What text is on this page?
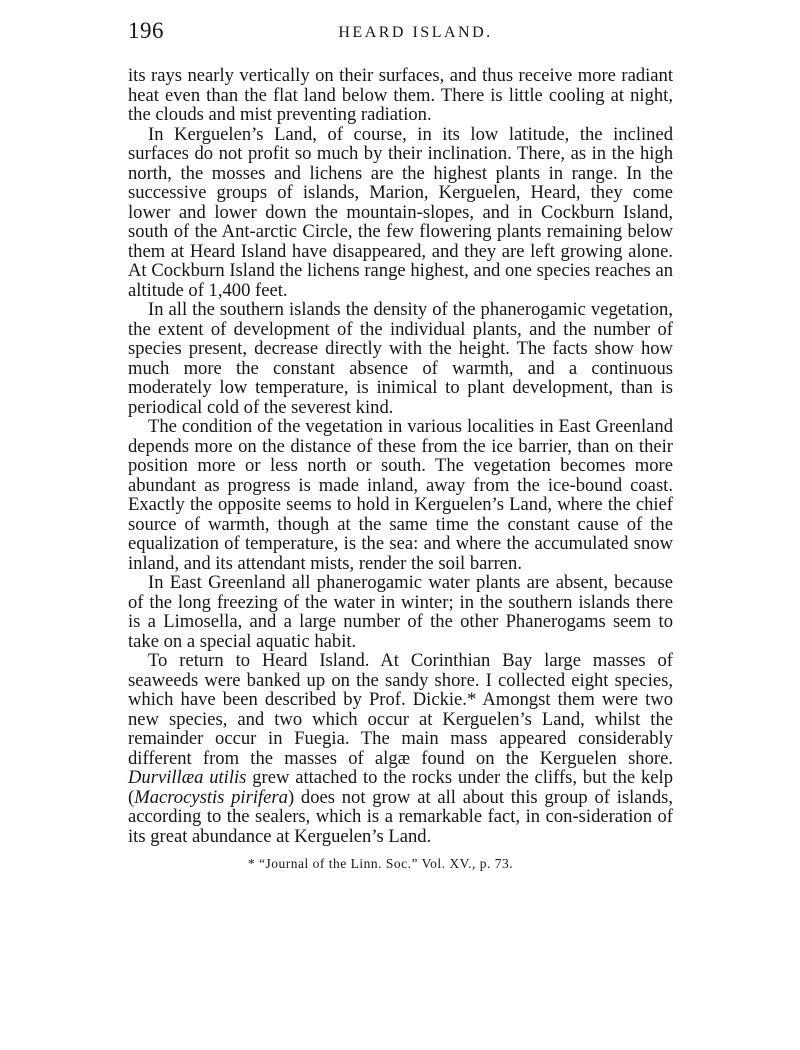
196	HEARD ISLAND.

its rays nearly vertically on their surfaces, and thus receive more radiant heat even than the flat land below them. There is little cooling at night, the clouds and mist preventing radiation.

In Kerguelen’s Land, of course, in its low latitude, the inclined surfaces do not profit so much by their inclination. There, as in the high north, the mosses and lichens are the highest plants in range. In the successive groups of islands, Marion, Kerguelen, Heard, they come lower and lower down the mountain-slopes, and in Cockburn Island, south of the Ant-arctic Circle, the few flowering plants remaining below them at Heard Island have disappeared, and they are left growing alone. At Cockburn Island the lichens range highest, and one species reaches an altitude of 1,400 feet.

In all the southern islands the density of the phanerogamic vegetation, the extent of development of the individual plants, and the number of species present, decrease directly with the height. The facts show how much more the constant absence of warmth, and a continuous moderately low temperature, is inimical to plant development, than is periodical cold of the severest kind.

The condition of the vegetation in various localities in East Greenland depends more on the distance of these from the ice barrier, than on their position more or less north or south. The vegetation becomes more abundant as progress is made inland, away from the ice-bound coast. Exactly the opposite seems to hold in Kerguelen’s Land, where the chief source of warmth, though at the same time the constant cause of the equalization of temperature, is the sea: and where the accumulated snow inland, and its attendant mists, render the soil barren.

In East Greenland all phanerogamic water plants are absent, because of the long freezing of the water in winter; in the southern islands there is a Limosella, and a large number of the other Phanerogams seem to take on a special aquatic habit.

To return to Heard Island. At Corinthian Bay large masses of seaweeds were banked up on the sandy shore. I collected eight species, which have been described by Prof. Dickie.* Amongst them were two new species, and two which occur at Kerguelen’s Land, whilst the remainder occur in Fuegia. The main mass appeared considerably different from the masses of algæ found on the Kerguelen shore. Durvillæa utilis grew attached to the rocks under the cliffs, but the kelp (Macrocystis pirifera) does not grow at all about this group of islands, according to the sealers, which is a remarkable fact, in con-sideration of its great abundance at Kerguelen’s Land.

* “Journal of the Linn. Soc.” Vol. XV., p. 73.
